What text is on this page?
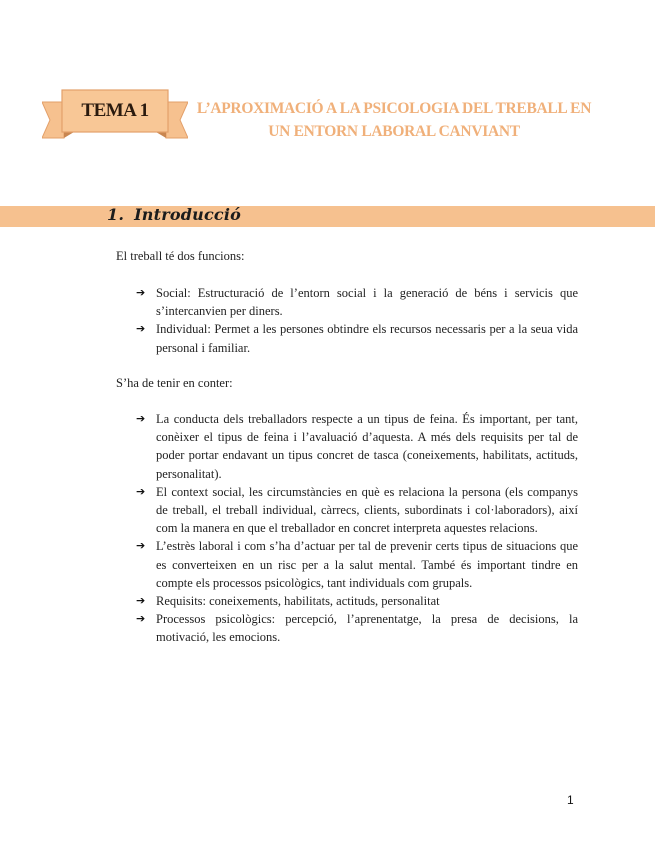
TEMA 1	L’APROXIMACIÓ A LA PSICOLOGIA DEL TREBALL EN UN ENTORN LABORAL CANVIANT
1. Introducció
El treball té dos funcions:
➔ Social: Estructuració de l’entorn social i la generació de béns i servicis que s’intercanvien per diners.
➔ Individual: Permet a les persones obtindre els recursos necessaris per a la seua vida personal i familiar.
S’ha de tenir en conter:
➔ La conducta dels treballadors respecte a un tipus de feina. És important, per tant, conèixer el tipus de feina i l’avaluació d’aquesta. A més dels requisits per tal de poder portar endavant un tipus concret de tasca (coneixements, habilitats, actituds, personalitat).
➔ El context social, les circumstàncies en què es relaciona la persona (els companys de treball, el treball individual, càrrecs, clients, subordinats i col·laboradors), així com la manera en que el treballador en concret interpreta aquestes relacions.
➔ L’estrès laboral i com s’ha d’actuar per tal de prevenir certs tipus de situacions que es converteixen en un risc per a la salut mental. També és important tindre en compte els processos psicològics, tant individuals com grupals.
➔ Requisits: coneixements, habilitats, actituds, personalitat
➔ Processos psicològics: percepció, l’aprenentatge, la presa de decisions, la motivació, les emocions.
1
